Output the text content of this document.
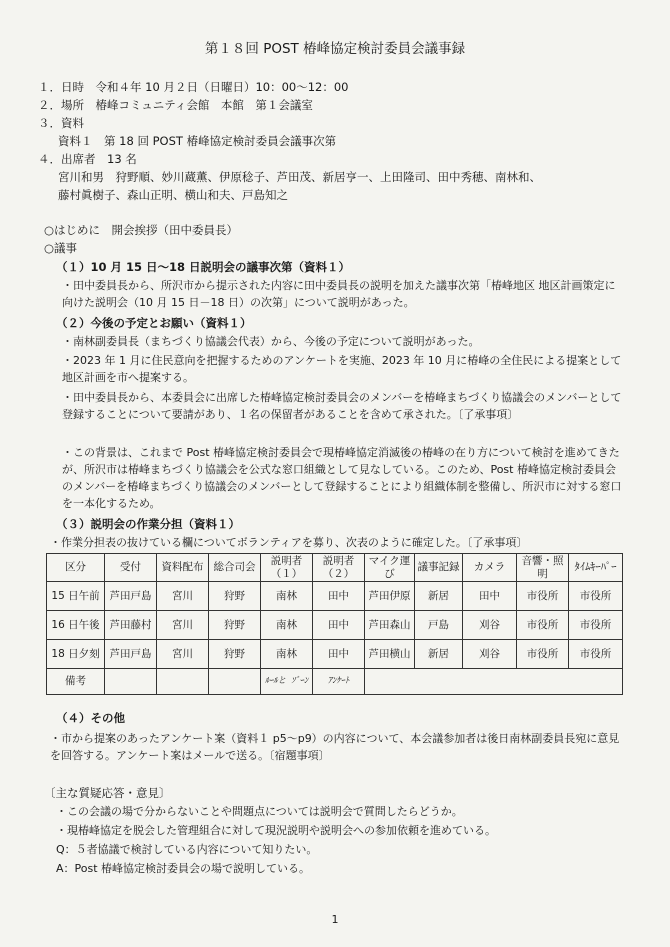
第１８回 POST 椿峰協定検討委員会議事録
１．日時　令和４年 10 月２日（日曜日）10：00～12：00
２．場所　椿峰コミュニティ会館　本館　第１会議室
３．資料
資料１　第 18 回 POST 椿峰協定検討委員会議事次第
４．出席者　13 名
宮川和男　狩野順、妙川蔵薫、伊原稔子、芦田茂、新居亨一、上田隆司、田中秀穂、南林和、
藤村眞樹子、森山正明、横山和夫、戸島知之
○はじめに　開会挨拶（田中委員長）
○議事
（１）10 月 15 日～18 日説明会の議事次第（資料１）
・田中委員長から、所沢市から提示された内容に田中委員長の説明を加えた議事次第「椿峰地区 地区計画策定に向けた説明会（10 月 15 日－18 日）の次第」について説明があった。
（２）今後の予定とお願い（資料１）
・南林副委員長（まちづくり協議会代表）から、今後の予定について説明があった。
・2023 年 1 月に住民意向を把握するためのアンケートを実施、2023 年 10 月に椿峰の全住民による提案として地区計画を市へ提案する。
・田中委員長から、本委員会に出席した椿峰協定検討委員会のメンバーを椿峰まちづくり協議会のメンバーとして登録することについて要請があり、１名の保留者があることを含めて承された。〔了承事項〕
・この背景は、これまで Post 椿峰協定検討委員会で現椿峰協定消滅後の椿峰の在り方について検討を進めてきたが、所沢市は椿峰まちづくり協議会を公式な窓口組織として見なしている。このため、Post 椿峰協定検討委員会のメンバーを椿峰まちづくり協議会のメンバーとして登録することにより組織体制を整備し、所沢市に対する窓口を一本化するため。
（３）説明会の作業分担（資料１）
・作業分担表の抜けている欄についてボランティアを募り、次表のように確定した。〔了承事項〕
区分	受付	資料配布	総合司会	説明者（１）	説明者（２）	マイク運び	議事記録	カメラ	音響・照明	ﾀｲﾑｷｰﾊﾟｰ
15 日午前	芦田戸島	宮川	狩野	南林	田中	芦田伊原	新居	田中	市役所	市役所
16 日午後	芦田藤村	宮川	狩野	南林	田中	芦田森山	戸島	刈谷	市役所	市役所
18 日夕刻	芦田戸島	宮川	狩野	南林	田中	芦田横山	新居	刈谷	市役所	市役所
備考				ﾙｰﾙと ｿﾞｰﾝ	ｱﾝｹｰﾄ					
（４）その他
・市から提案のあったアンケート案（資料１ p5～p9）の内容について、本会議参加者は後日南林副委員長宛に意見を回答する。アンケート案はメールで送る。〔宿題事項〕
〔主な質疑応答・意見〕
・この会議の場で分からないことや問題点については説明会で質問したらどうか。
・現椿峰協定を脱会した管理組合に対して現況説明や説明会への参加依頼を進めている。
Q：５者協議で検討している内容について知りたい。
A：Post 椿峰協定検討委員会の場で説明している。
1
